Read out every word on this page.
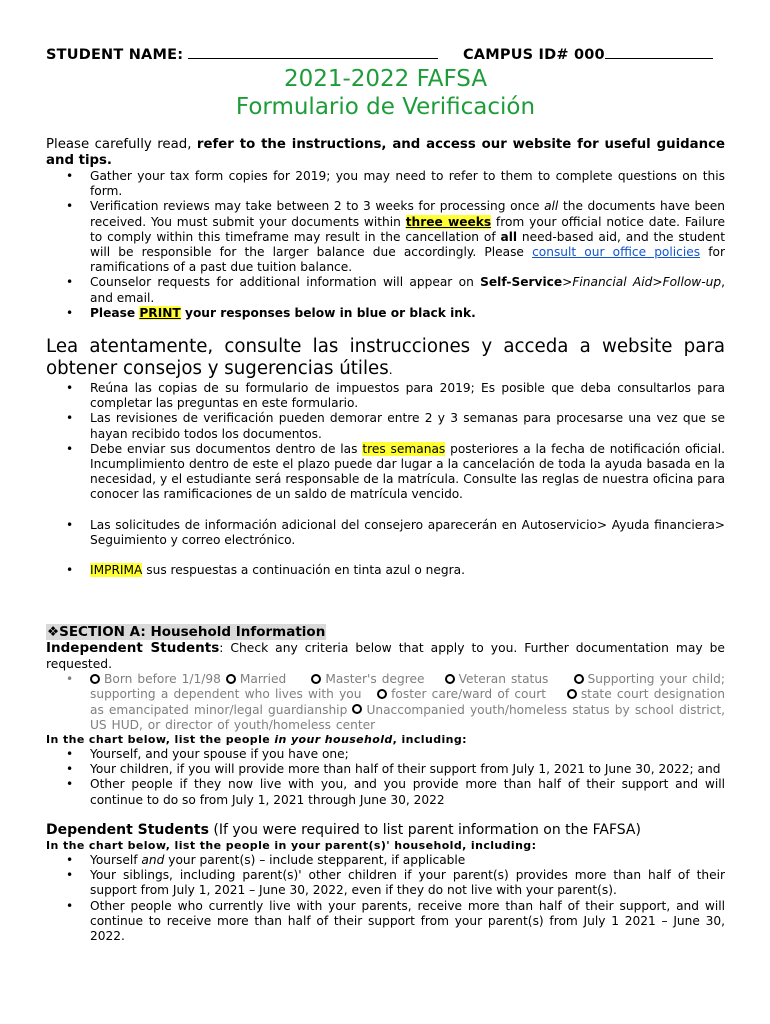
STUDENT NAME:	CAMPUS ID# 000
2021-2022 FAFSA
Formulario de Verificación
Please carefully read, refer to the instructions, and access our website for useful guidance and tips.
• Gather your tax form copies for 2019; you may need to refer to them to complete questions on this form.
• Verification reviews may take between 2 to 3 weeks for processing once all the documents have been received. You must submit your documents within three weeks from your official notice date. Failure to comply within this timeframe may result in the cancellation of all need-based aid, and the student will be responsible for the larger balance due accordingly. Please consult our office policies for ramifications of a past due tuition balance.
• Counselor requests for additional information will appear on Self-Service>Financial Aid>Follow-up, and email.
• Please PRINT your responses below in blue or black ink.
Lea atentamente, consulte las instrucciones y acceda a website para obtener consejos y sugerencias útiles.
• Reúna las copias de su formulario de impuestos para 2019; Es posible que deba consultarlos para completar las preguntas en este formulario.
• Las revisiones de verificación pueden demorar entre 2 y 3 semanas para procesarse una vez que se hayan recibido todos los documentos.
• Debe enviar sus documentos dentro de las tres semanas posteriores a la fecha de notificación oficial. Incumplimiento dentro de este el plazo puede dar lugar a la cancelación de toda la ayuda basada en la necesidad, y el estudiante será responsable de la matrícula. Consulte las reglas de nuestra oficina para conocer las ramificaciones de un saldo de matrícula vencido.
• Las solicitudes de información adicional del consejero aparecerán en Autoservicio> Ayuda financiera> Seguimiento y correo electrónico.
• IMPRIMA sus respuestas a continuación en tinta azul o negra.
❖SECTION A: Household Information
Independent Students: Check any criteria below that apply to you. Further documentation may be requested.
• Born before 1/1/98 Married	Master's degree	Veteran status	Supporting your child; supporting a dependent who lives with you foster care/ward of court	state court designation as emancipated minor/legal guardianship Unaccompanied youth/homeless status by school district, US HUD, or director of youth/homeless center
In the chart below, list the people in your household, including:
• Yourself, and your spouse if you have one;
• Your children, if you will provide more than half of their support from July 1, 2021 to June 30, 2022; and
• Other people if they now live with you, and you provide more than half of their support and will continue to do so from July 1, 2021 through June 30, 2022
Dependent Students (If you were required to list parent information on the FAFSA)
In the chart below, list the people in your parent(s)' household, including:
• Yourself and your parent(s) – include stepparent, if applicable
• Your siblings, including parent(s)' other children if your parent(s) provides more than half of their support from July 1, 2021 – June 30, 2022, even if they do not live with your parent(s).
• Other people who currently live with your parents, receive more than half of their support, and will continue to receive more than half of their support from your parent(s) from July 1 2021 – June 30, 2022.
